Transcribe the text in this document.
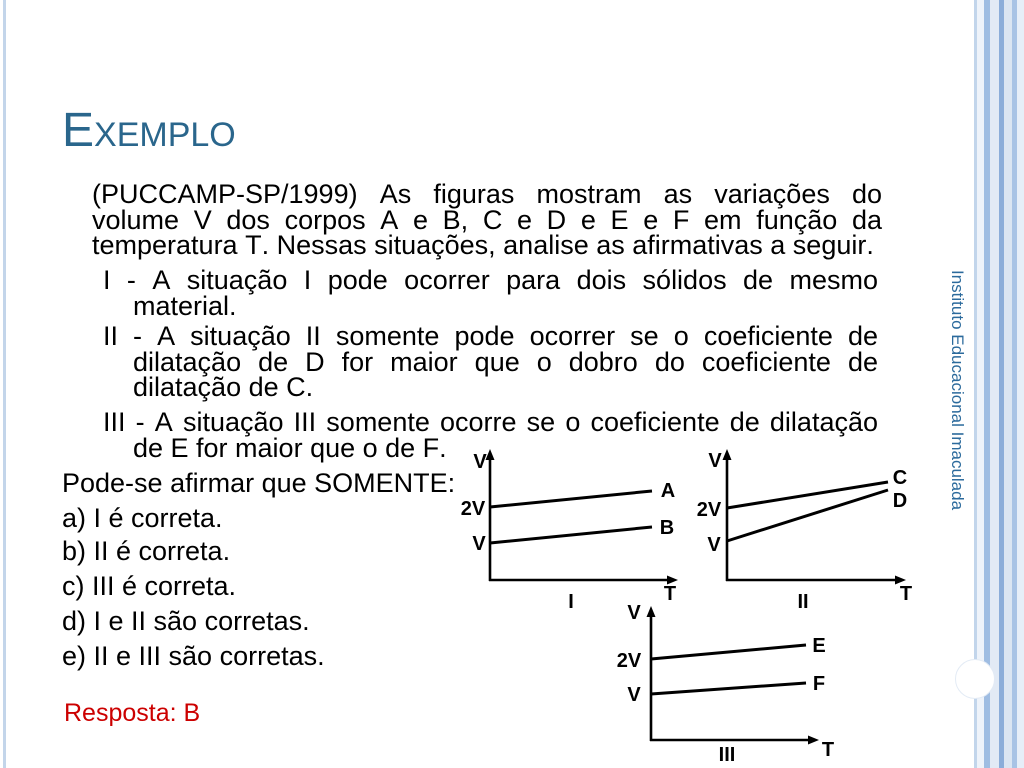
Exemplo
Instituto Educacional Imaculada
(PUCCAMP-SP/1999) As figuras mostram as variações do volume V dos corpos A e B, C e D e E e F em função da temperatura T. Nessas situações, analise as afirmativas a seguir.
I - A situação I pode ocorrer para dois sólidos de mesmo material.
II - A situação II somente pode ocorrer se o coeficiente de dilatação de D for maior que o dobro do coeficiente de dilatação de C.
III - A situação III somente ocorre se o coeficiente de dilatação de E for maior que o de F.
Pode-se afirmar que SOMENTE:
a) I é correta.
b) II é correta.
c) III é correta.
d) I e II são corretas.
e) II e III são corretas.
Resposta: B
V
T
2V
V
A
B
I
V
T
2V
V
C
D
II
V
T
2V
V
E
F
III
